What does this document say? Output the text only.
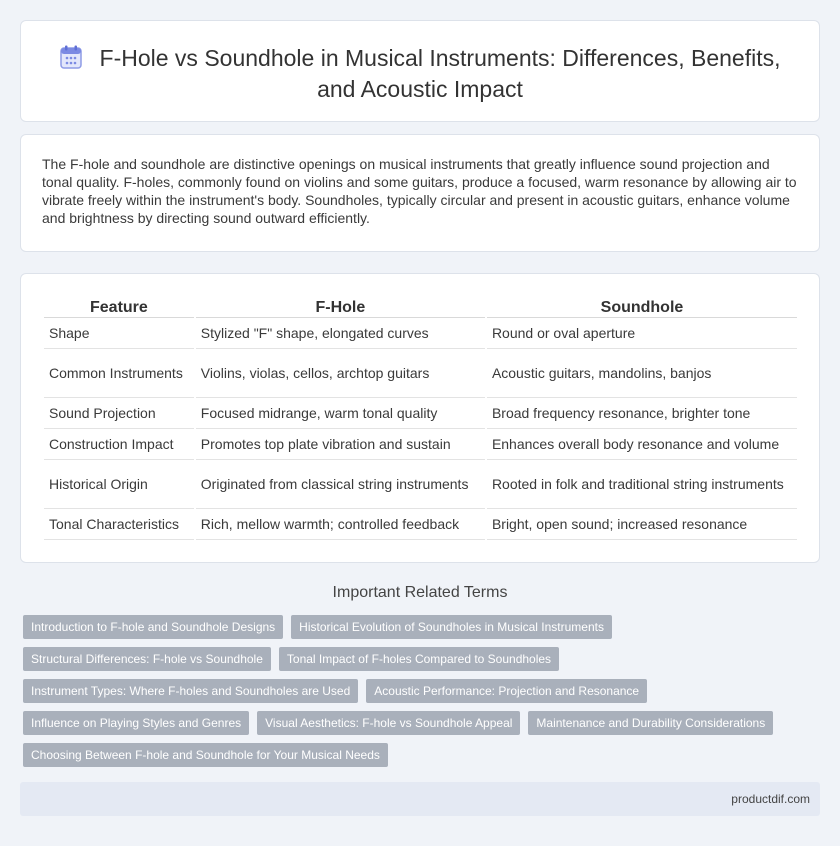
F-Hole vs Soundhole in Musical Instruments: Differences, Benefits, and Acoustic Impact

The F-hole and soundhole are distinctive openings on musical instruments that greatly influence sound projection and tonal quality. F-holes, commonly found on violins and some guitars, produce a focused, warm resonance by allowing air to vibrate freely within the instrument's body. Soundholes, typically circular and present in acoustic guitars, enhance volume and brightness by directing sound outward efficiently.

Feature	F-Hole	Soundhole
Shape	Stylized "F" shape, elongated curves	Round or oval aperture
Common Instruments	Violins, violas, cellos, archtop guitars	Acoustic guitars, mandolins, banjos
Sound Projection	Focused midrange, warm tonal quality	Broad frequency resonance, brighter tone
Construction Impact	Promotes top plate vibration and sustain	Enhances overall body resonance and volume
Historical Origin	Originated from classical string instruments	Rooted in folk and traditional string instruments
Tonal Characteristics	Rich, mellow warmth; controlled feedback	Bright, open sound; increased resonance
Important Related Terms
Introduction to F-hole and Soundhole Designs	Historical Evolution of Soundholes in Musical Instruments
Structural Differences: F-hole vs Soundhole	Tonal Impact of F-holes Compared to Soundholes
Instrument Types: Where F-holes and Soundholes are Used	Acoustic Performance: Projection and Resonance
Influence on Playing Styles and Genres	Visual Aesthetics: F-hole vs Soundhole Appeal	Maintenance and Durability Considerations
Choosing Between F-hole and Soundhole for Your Musical Needs
productdif.com
